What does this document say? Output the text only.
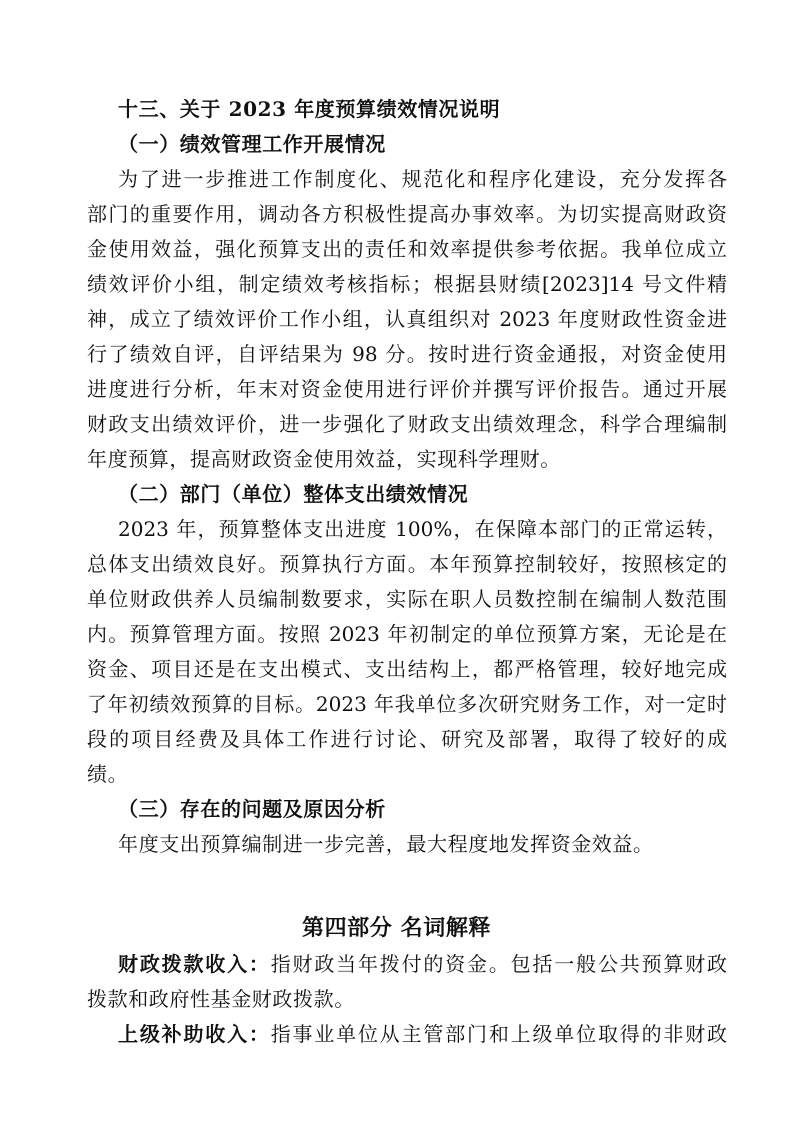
十三、关于 2023 年度预算绩效情况说明
（一）绩效管理工作开展情况
为了进一步推进工作制度化、规范化和程序化建设，充分发挥各
部门的重要作用，调动各方积极性提高办事效率。为切实提高财政资
金使用效益，强化预算支出的责任和效率提供参考依据。我单位成立
绩效评价小组，制定绩效考核指标；根据县财绩[2023]14 号文件精
神，成立了绩效评价工作小组，认真组织对 2023 年度财政性资金进
行了绩效自评，自评结果为 98 分。按时进行资金通报，对资金使用
进度进行分析，年末对资金使用进行评价并撰写评价报告。通过开展
财政支出绩效评价，进一步强化了财政支出绩效理念，科学合理编制
年度预算，提高财政资金使用效益，实现科学理财。
（二）部门（单位）整体支出绩效情况
2023 年，预算整体支出进度 100%，在保障本部门的正常运转，
总体支出绩效良好。预算执行方面。本年预算控制较好，按照核定的
单位财政供养人员编制数要求，实际在职人员数控制在编制人数范围
内。预算管理方面。按照 2023 年初制定的单位预算方案，无论是在
资金、项目还是在支出模式、支出结构上，都严格管理，较好地完成
了年初绩效预算的目标。2023 年我单位多次研究财务工作，对一定时
段的项目经费及具体工作进行讨论、研究及部署，取得了较好的成
绩。
（三）存在的问题及原因分析
年度支出预算编制进一步完善，最大程度地发挥资金效益。
第四部分 名词解释
财政拨款收入：指财政当年拨付的资金。包括一般公共预算财政
拨款和政府性基金财政拨款。
上级补助收入：指事业单位从主管部门和上级单位取得的非财政
